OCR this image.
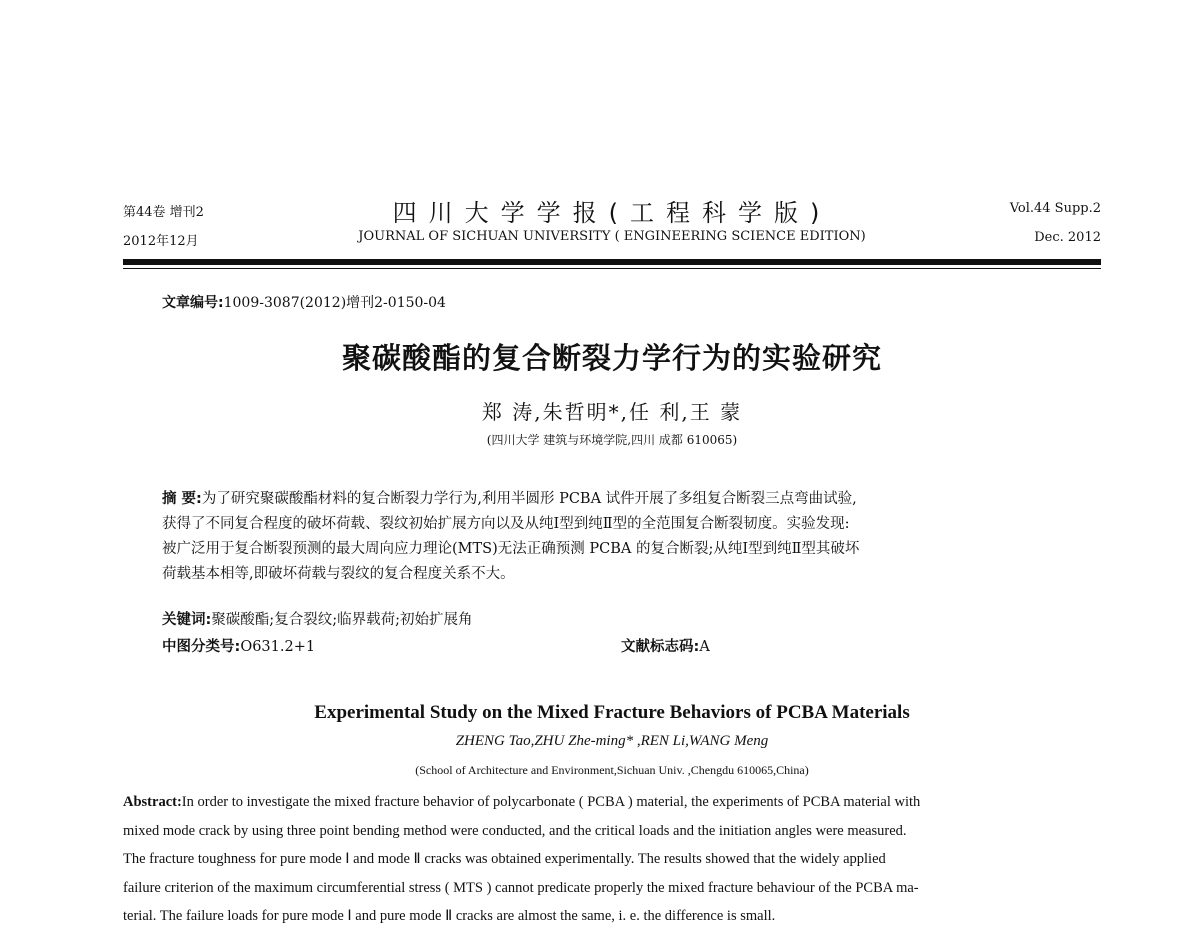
第44卷 增刊2
2012年12月
四川大学学报(工程科学版)
JOURNAL OF SICHUAN UNIVERSITY ( ENGINEERING SCIENCE EDITION)
Vol.44 Supp.2
Dec. 2012
文章编号:1009-3087(2012)增刊2-0150-04
聚碳酸酯的复合断裂力学行为的实验研究
郑 涛,朱哲明*,任 利,王 蒙
(四川大学 建筑与环境学院,四川 成都 610065)
摘 要:为了研究聚碳酸酯材料的复合断裂力学行为,利用半圆形 PCBA 试件开展了多组复合断裂三点弯曲试验,
获得了不同复合程度的破坏荷载、裂纹初始扩展方向以及从纯Ⅰ型到纯Ⅱ型的全范围复合断裂韧度。实验发现:
被广泛用于复合断裂预测的最大周向应力理论(MTS)无法正确预测 PCBA 的复合断裂;从纯Ⅰ型到纯Ⅱ型其破坏
荷载基本相等,即破坏荷载与裂纹的复合程度关系不大。
关键词:聚碳酸酯;复合裂纹;临界载荷;初始扩展角
中图分类号:O631.2+1	文献标志码:A
Experimental Study on the Mixed Fracture Behaviors of PCBA Materials
ZHENG Tao,ZHU Zhe-ming* ,REN Li,WANG Meng
(School of Architecture and Environment,Sichuan Univ. ,Chengdu 610065,China)
Abstract:In order to investigate the mixed fracture behavior of polycarbonate ( PCBA ) material, the experiments of PCBA material with
mixed mode crack by using three point bending method were conducted, and the critical loads and the initiation angles were measured.
The fracture toughness for pure mode Ⅰ and mode Ⅱ cracks was obtained experimentally. The results showed that the widely applied
failure criterion of the maximum circumferential stress ( MTS ) cannot predicate properly the mixed fracture behaviour of the PCBA ma-
terial. The failure loads for pure mode Ⅰ and pure mode Ⅱ cracks are almost the same, i. e. the difference is small.
